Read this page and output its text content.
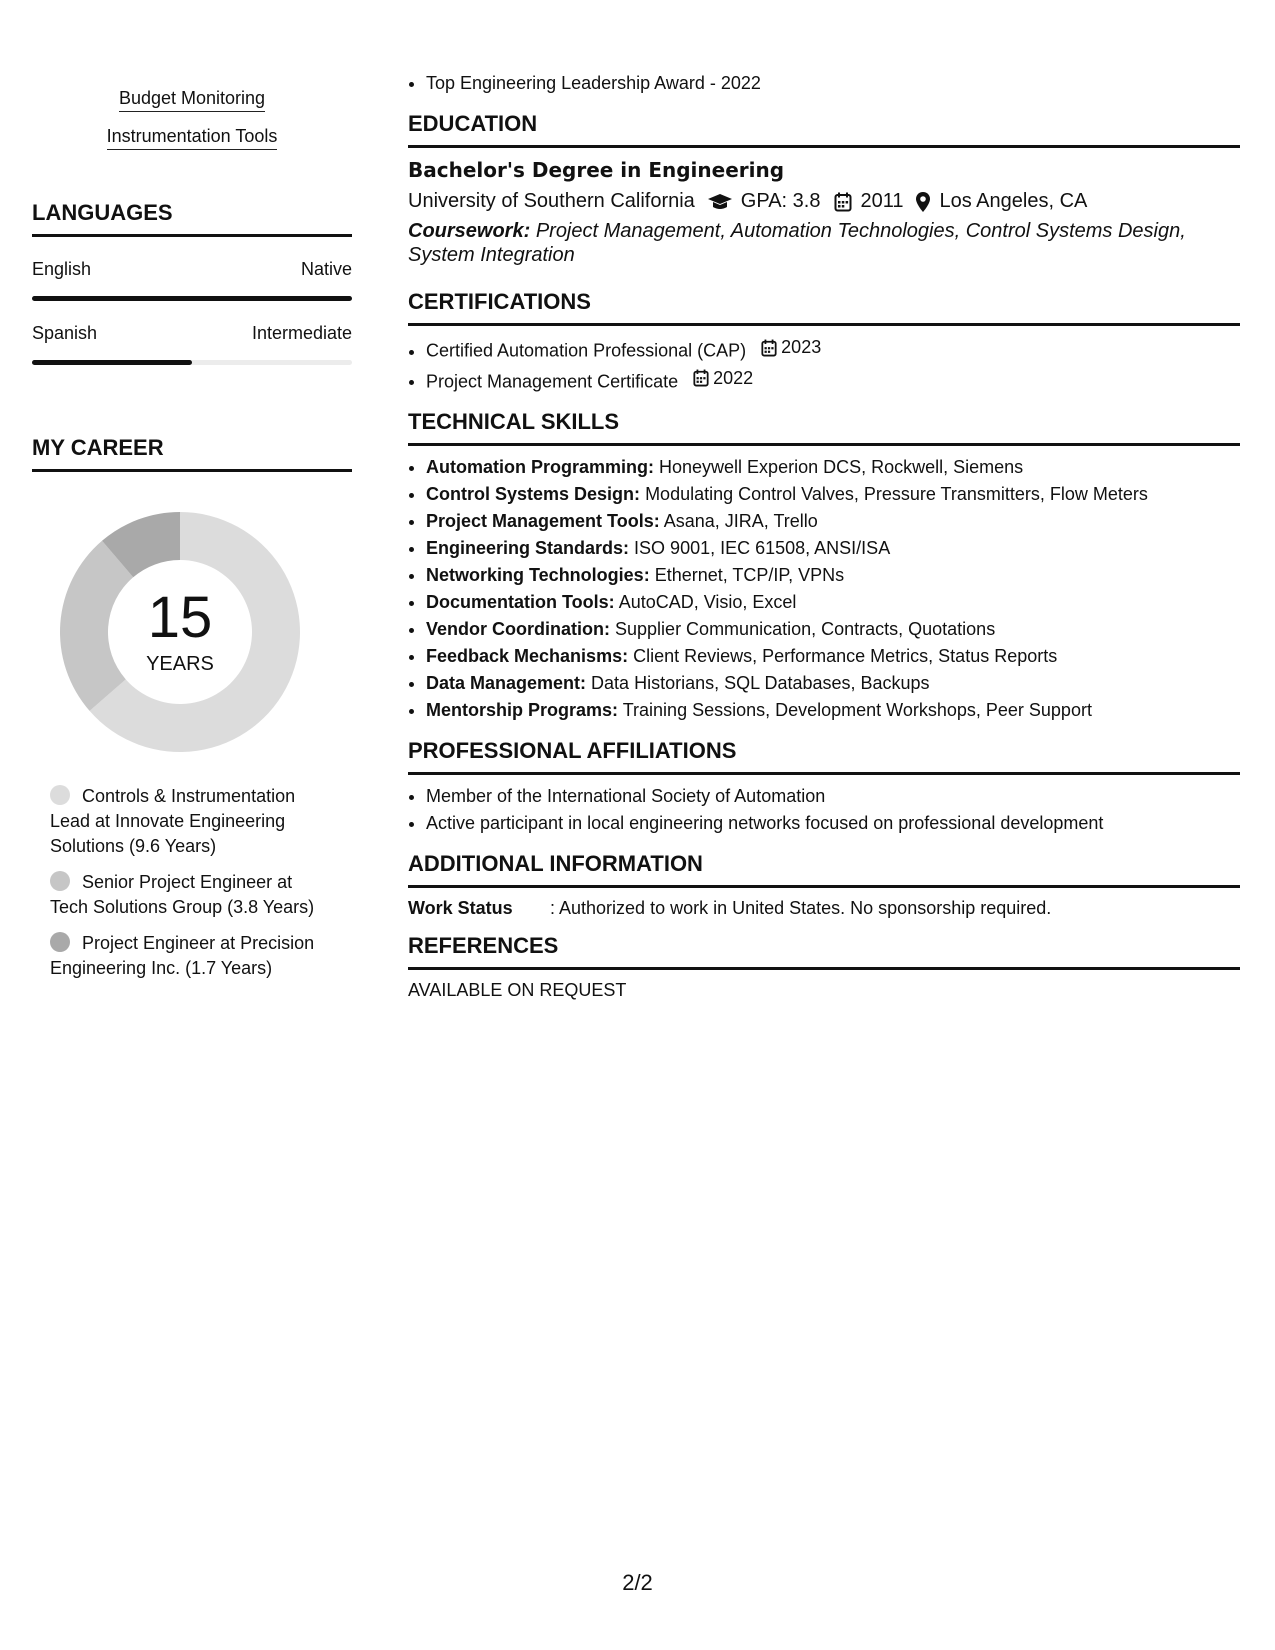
Budget Monitoring
Instrumentation Tools
LANGUAGES
English	Native
Spanish	Intermediate
MY CAREER
15
YEARS
Controls & Instrumentation Lead at Innovate Engineering Solutions (9.6 Years)
Senior Project Engineer at Tech Solutions Group (3.8 Years)
Project Engineer at Precision Engineering Inc. (1.7 Years)
• Top Engineering Leadership Award - 2022
EDUCATION
Bachelor's Degree in Engineering
University of Southern California GPA: 3.8 2011 Los Angeles, CA
Coursework: Project Management, Automation Technologies, Control Systems Design, System Integration
CERTIFICATIONS
• Certified Automation Professional (CAP) 2023
• Project Management Certificate 2022
TECHNICAL SKILLS
• Automation Programming: Honeywell Experion DCS, Rockwell, Siemens
• Control Systems Design: Modulating Control Valves, Pressure Transmitters, Flow Meters
• Project Management Tools: Asana, JIRA, Trello
• Engineering Standards: ISO 9001, IEC 61508, ANSI/ISA
• Networking Technologies: Ethernet, TCP/IP, VPNs
• Documentation Tools: AutoCAD, Visio, Excel
• Vendor Coordination: Supplier Communication, Contracts, Quotations
• Feedback Mechanisms: Client Reviews, Performance Metrics, Status Reports
• Data Management: Data Historians, SQL Databases, Backups
• Mentorship Programs: Training Sessions, Development Workshops, Peer Support
PROFESSIONAL AFFILIATIONS
• Member of the International Society of Automation
• Active participant in local engineering networks focused on professional development
ADDITIONAL INFORMATION
Work Status	: Authorized to work in United States. No sponsorship required.
REFERENCES
AVAILABLE ON REQUEST
2/2
